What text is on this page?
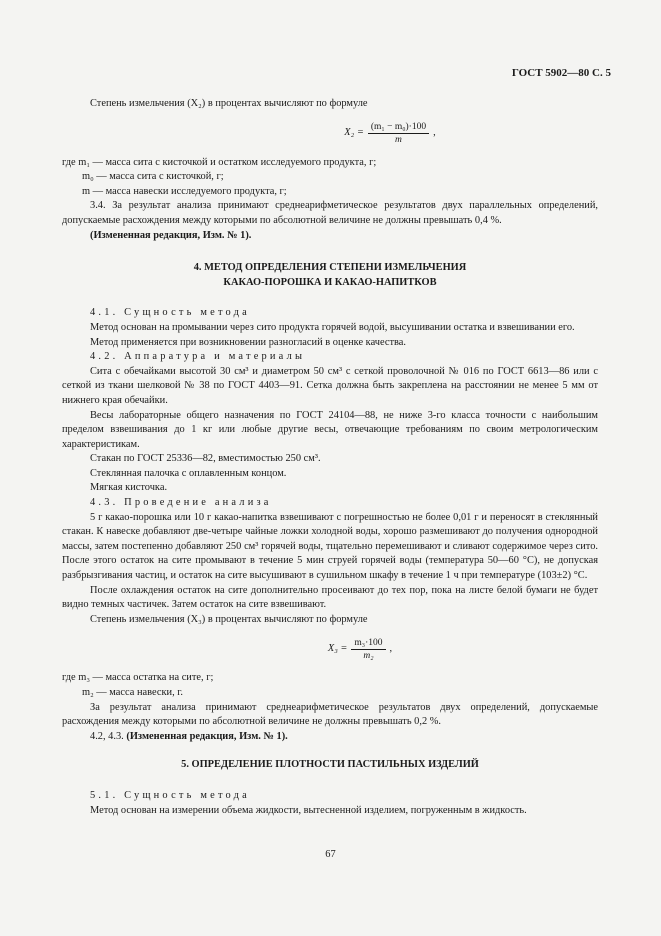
ГОСТ 5902—80 С. 5

Степень измельчения (X₂) в процентах вычисляют по формуле

$X_2 = \frac{\text{(m₁ − m₀)·100}}{m}$ ,

где m₁ — масса сита с кисточкой и остатком исследуемого продукта, г;

m₀ — масса сита с кисточкой, г;

m — масса навески исследуемого продукта, г;

3.4. За результат анализа принимают среднеарифметическое результатов двух параллельных определений, допускаемые расхождения между которыми по абсолютной величине не должны превышать 0,4 %.

(Измененная редакция, Изм. № 1).

4. МЕТОД ОПРЕДЕЛЕНИЯ СТЕПЕНИ ИЗМЕЛЬЧЕНИЯ

КАКАО-ПОРОШКА И КАКАО-НАПИТКОВ

4.1. Сущность метода

Метод основан на промывании через сито продукта горячей водой, высушивании остатка и взвешивании его.

Метод применяется при возникновении разногласий в оценке качества.

4.2. Аппаратура и материалы

Сита с обечайками высотой 30 см³ и диаметром 50 см³ с сеткой проволочной № 016 по ГОСТ 6613—86 или с сеткой из ткани шелковой № 38 по ГОСТ 4403—91. Сетка должна быть закреплена на расстоянии не менее 5 мм от нижнего края обечайки.

Весы лабораторные общего назначения по ГОСТ 24104—88, не ниже 3-го класса точности с наибольшим пределом взвешивания до 1 кг или любые другие весы, отвечающие требованиям по своим метрологическим характеристикам.

Стакан по ГОСТ 25336—82, вместимостью 250 см³.

Стеклянная палочка с оплавленным концом.

Мягкая кисточка.

4.3. Проведение анализа

5 г какао-порошка или 10 г какао-напитка взвешивают с погрешностью не более 0,01 г и переносят в стеклянный стакан. К навеске добавляют две-четыре чайные ложки холодной воды, хорошо размешивают до получения однородной массы, затем постепенно добавляют 250 см³ горячей воды, тщательно перемешивают и сливают содержимое через сито. После этого остаток на сите промывают в течение 5 мин струей горячей воды (температура 50—60 °С), не допуская разбрызгивания частиц, и остаток на сите высушивают в сушильном шкафу в течение 1 ч при температуре (103±2) °С.

После охлаждения остаток на сите дополнительно просеивают до тех пор, пока на листе белой бумаги не будет видно темных частичек. Затем остаток на сите взвешивают.

Степень измельчения (X₃) в процентах вычисляют по формуле

$X_3 = \frac{\text{m₃·100}}{\text{m₂}}$ ,

где m₃ — масса остатка на сите, г;

m₂ — масса навески, г.

За результат анализа принимают среднеарифметическое результатов двух определений, допускаемые расхождения между которыми по абсолютной величине не должны превышать 0,2 %.

4.2, 4.3. (Измененная редакция, Изм. № 1).

5. ОПРЕДЕЛЕНИЕ ПЛОТНОСТИ ПАСТИЛЬНЫХ ИЗДЕЛИЙ

5.1. Сущность метода

Метод основан на измерении объема жидкости, вытесненной изделием, погруженным в жидкость.

67
